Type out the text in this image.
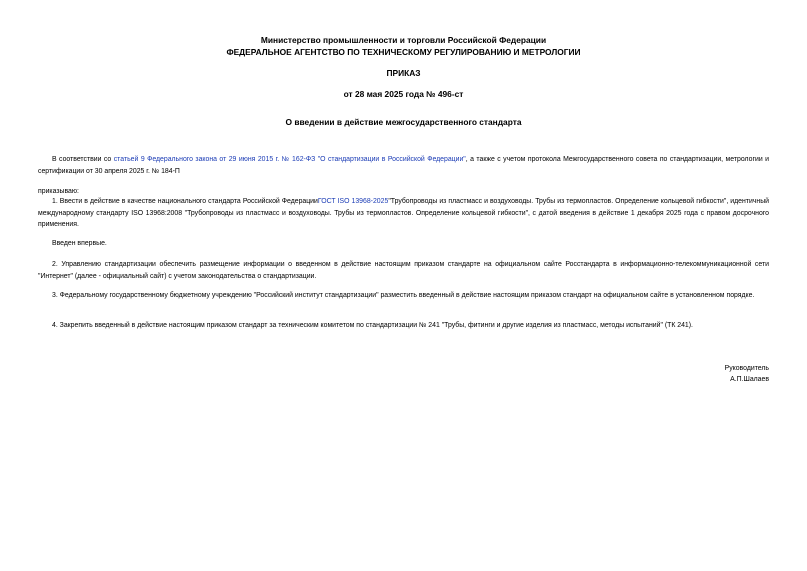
Министерство промышленности и торговли Российской Федерации
ФЕДЕРАЛЬНОЕ АГЕНТСТВО ПО ТЕХНИЧЕСКОМУ РЕГУЛИРОВАНИЮ И МЕТРОЛОГИИ
ПРИКАЗ
от 28 мая 2025 года № 496-ст
О введении в действие межгосударственного стандарта
В соответствии со статьей 9 Федерального закона от 29 июня 2015 г. № 162-ФЗ "О стандартизации в Российской Федерации", а также с учетом протокола Межгосударственного совета по стандартизации, метрологии и сертификации от 30 апреля 2025 г. № 184-П
приказываю:
1. Ввести в действие в качестве национального стандарта Российской ФедерацииГОСТ ISO 13968-2025"Трубопроводы из пластмасс и воздуховоды. Трубы из термопластов. Определение кольцевой гибкости", идентичный международному стандарту ISO 13968:2008 "Трубопроводы из пластмасс и воздуховоды. Трубы из термопластов. Определение кольцевой гибкости", с датой введения в действие 1 декабря 2025 года с правом досрочного применения.
Введен впервые.
2. Управлению стандартизации обеспечить размещение информации о введенном в действие настоящим приказом стандарте на официальном сайте Росстандарта в информационно-телекоммуникационной сети "Интернет" (далее - официальный сайт) с учетом законодательства о стандартизации.
3. Федеральному государственному бюджетному учреждению "Российский институт стандартизации" разместить введенный в действие настоящим приказом стандарт на официальном сайте в установленном порядке.
4. Закрепить введенный в действие настоящим приказом стандарт за техническим комитетом по стандартизации № 241 "Трубы, фитинги и другие изделия из пластмасс, методы испытаний" (ТК 241).
Руководитель
А.П.Шалаев
